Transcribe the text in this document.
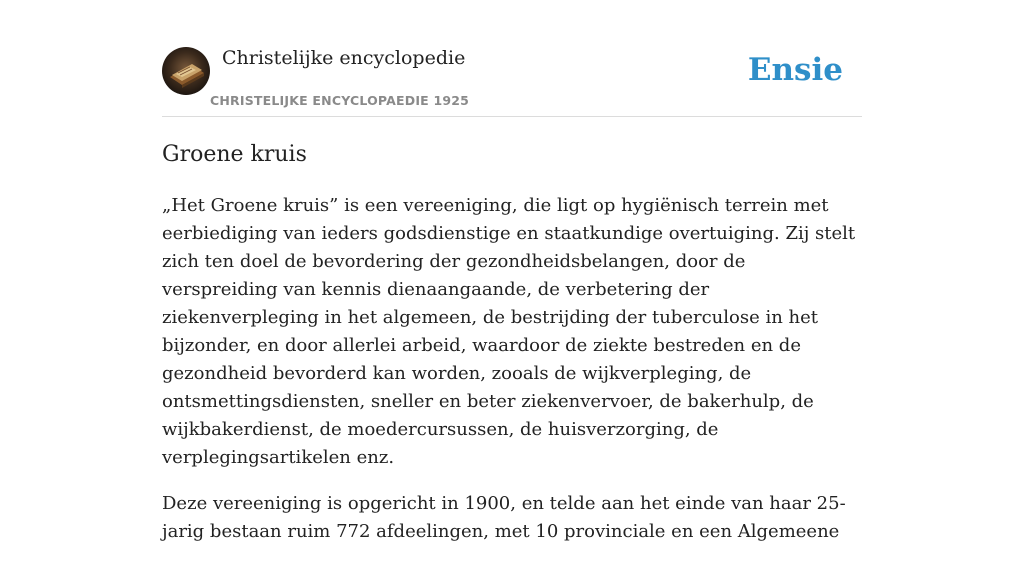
Christelijke encyclopedie
CHRISTELIJKE ENCYCLOPAEDIE 1925
Ensie
Groene kruis

„Het Groene kruis” is een vereeniging, die ligt op hygiënisch terrein met eerbiediging van ieders godsdienstige en staatkundige overtuiging. Zij stelt zich ten doel de bevordering der gezondheidsbelangen, door de verspreiding van kennis dienaangaande, de verbetering der ziekenverpleging in het algemeen, de bestrijding der tuberculose in het bijzonder, en door allerlei arbeid, waardoor de ziekte bestreden en de gezondheid bevorderd kan worden, zooals de wijkverpleging, de ontsmettingsdiensten, sneller en beter ziekenvervoer, de bakerhulp, de wijkbakerdienst, de moedercursussen, de huisverzorging, de verplegingsartikelen enz.

Deze vereeniging is opgericht in 1900, en telde aan het einde van haar 25-jarig bestaan ruim 772 afdeelingen, met 10 provinciale en een Algemeene
